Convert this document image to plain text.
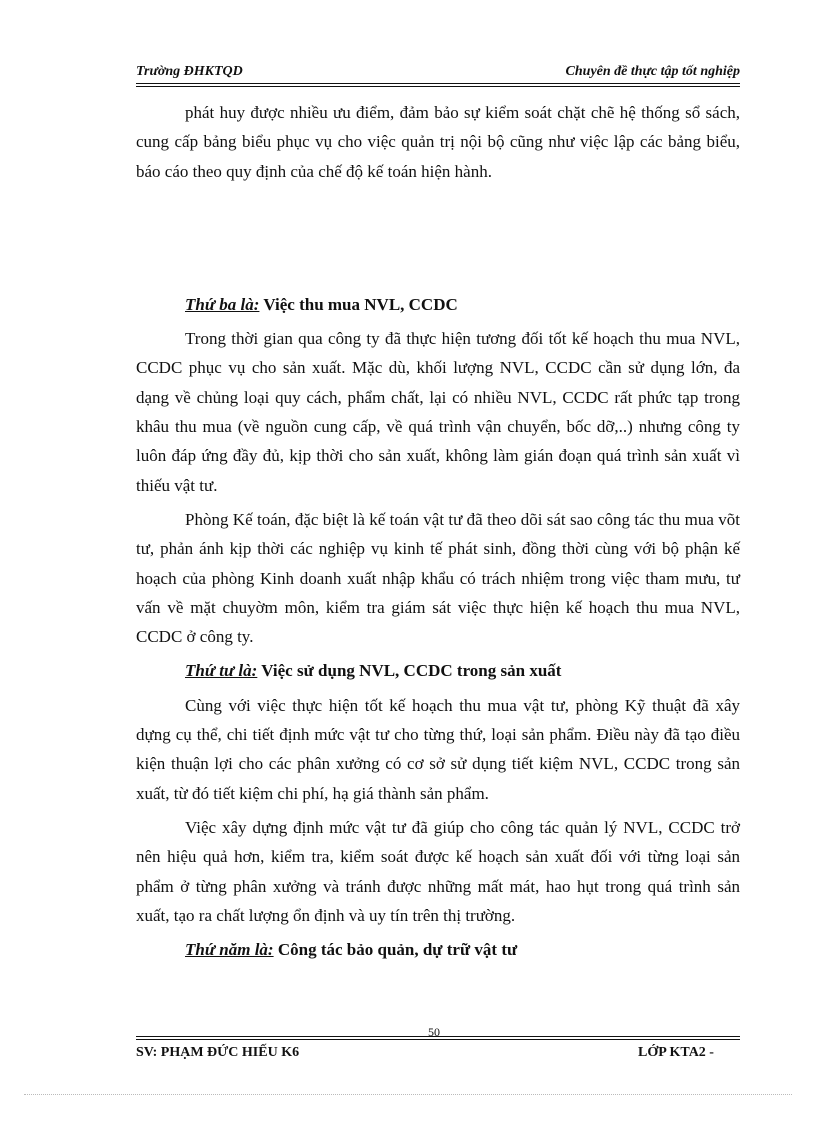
Trường ĐHKTQD	Chuyên đề thực tập tốt nghiệp

phát huy được nhiều ưu điểm, đảm bảo sự kiểm soát chặt chẽ hệ thống sổ sách, cung cấp bảng biểu phục vụ cho việc quản trị nội bộ cũng như việc lập các bảng biểu, báo cáo theo quy định của chế độ kế toán hiện hành.

Thứ ba là: Việc thu mua NVL, CCDC

Trong thời gian qua công ty đã thực hiện tương đối tốt kế hoạch thu mua NVL, CCDC phục vụ cho sản xuất. Mặc dù, khối lượng NVL, CCDC cần sử dụng lớn, đa dạng về chủng loại quy cách, phẩm chất, lại có nhiều NVL, CCDC rất phức tạp trong khâu thu mua (về nguồn cung cấp, về quá trình vận chuyển, bốc dỡ,..) nhưng công ty luôn đáp ứng đầy đủ, kịp thời cho sản xuất, không làm gián đoạn quá trình sản xuất vì thiếu vật tư.

Phòng Kế toán, đặc biệt là kế toán vật tư đã theo dõi sát sao công tác thu mua võt tư, phản ánh kịp thời các nghiệp vụ kinh tế phát sinh, đồng thời cùng với bộ phận kế hoạch của phòng Kinh doanh xuất nhập khẩu có trách nhiệm trong việc tham mưu, tư vấn về mặt chuyờm môn, kiểm tra giám sát việc thực hiện kế hoạch thu mua NVL, CCDC ở công ty.

Thứ tư là: Việc sử dụng NVL, CCDC trong sản xuất

Cùng với việc thực hiện tốt kế hoạch thu mua vật tư, phòng Kỹ thuật đã xây dựng cụ thể, chi tiết định mức vật tư cho từng thứ, loại sản phẩm. Điều này đã tạo điều kiện thuận lợi cho các phân xưởng có cơ sở sử dụng tiết kiệm NVL, CCDC trong sản xuất, từ đó tiết kiệm chi phí, hạ giá thành sản phẩm.

Việc xây dựng định mức vật tư đã giúp cho công tác quản lý NVL, CCDC trở nên hiệu quả hơn, kiểm tra, kiểm soát được kế hoạch sản xuất đối với từng loại sản phẩm ở từng phân xưởng và tránh được những mất mát, hao hụt trong quá trình sản xuất, tạo ra chất lượng ổn định và uy tín trên thị trường.

Thứ năm là: Công tác bảo quản, dự trữ vật tư

50
SV: PHẠM ĐỨC HIẾU K6	LỚP KTA2 -
